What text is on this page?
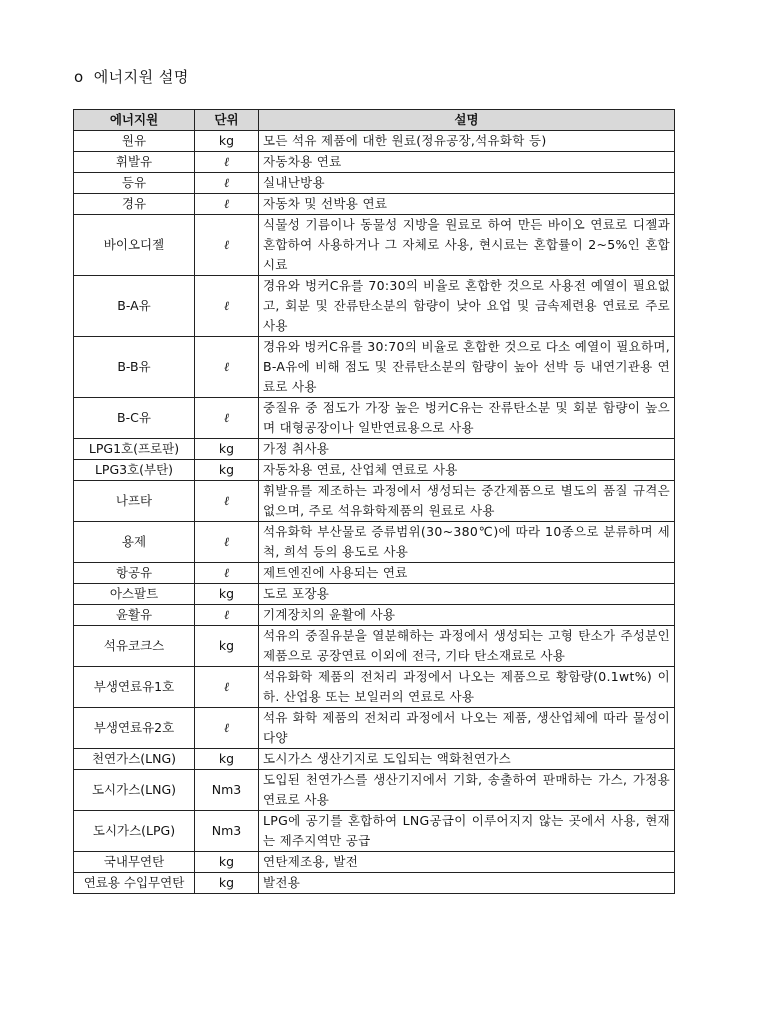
o 에너지원 설명
에너지원	단위	설명
원유	kg	모든 석유 제품에 대한 원료(정유공장,석유화학 등)
휘발유	ℓ	자동차용 연료
등유	ℓ	실내난방용
경유	ℓ	자동차 및 선박용 연료
바이오디젤	ℓ	식물성 기름이나 동물성 지방을 원료로 하여 만든 바이오 연료로 디젤과 혼합하여 사용하거나 그 자체로 사용, 현시료는 혼합률이 2~5%인 혼합시료
B-A유	ℓ	경유와 벙커C유를 70:30의 비율로 혼합한 것으로 사용전 예열이 필요없고, 회분 및 잔류탄소분의 함량이 낮아 요업 및 금속제련용 연료로 주로 사용
B-B유	ℓ	경유와 벙커C유를 30:70의 비율로 혼합한 것으로 다소 예열이 필요하며, B-A유에 비해 점도 및 잔류탄소분의 함량이 높아 선박 등 내연기관용 연료로 사용
B-C유	ℓ	중질유 중 점도가 가장 높은 벙커C유는 잔류탄소분 및 회분 함량이 높으며 대형공장이나 일반연료용으로 사용
LPG1호(프로판)	kg	가정 취사용
LPG3호(부탄)	kg	자동차용 연료, 산업체 연료로 사용
나프타	ℓ	휘발유를 제조하는 과정에서 생성되는 중간제품으로 별도의 품질 규격은 없으며, 주로 석유화학제품의 원료로 사용
용제	ℓ	석유화학 부산물로 증류범위(30~380℃)에 따라 10종으로 분류하며 세척, 희석 등의 용도로 사용
항공유	ℓ	제트엔진에 사용되는 연료
아스팔트	kg	도로 포장용
윤활유	ℓ	기계장치의 윤활에 사용
석유코크스	kg	석유의 중질유분을 열분해하는 과정에서 생성되는 고형 탄소가 주성분인 제품으로 공장연료 이외에 전극, 기타 탄소재료로 사용
부생연료유1호	ℓ	석유화학 제품의 전처리 과정에서 나오는 제품으로 황함량(0.1wt%) 이하. 산업용 또는 보일러의 연료로 사용
부생연료유2호	ℓ	석유 화학 제품의 전처리 과정에서 나오는 제품, 생산업체에 따라 물성이 다양
천연가스(LNG)	kg	도시가스 생산기지로 도입되는 액화천연가스
도시가스(LNG)	Nm3	도입된 천연가스를 생산기지에서 기화, 송출하여 판매하는 가스, 가정용 연료로 사용
도시가스(LPG)	Nm3	LPG에 공기를 혼합하여 LNG공급이 이루어지지 않는 곳에서 사용, 현재는 제주지역만 공급
국내무연탄	kg	연탄제조용, 발전
연료용 수입무연탄	kg	발전용
